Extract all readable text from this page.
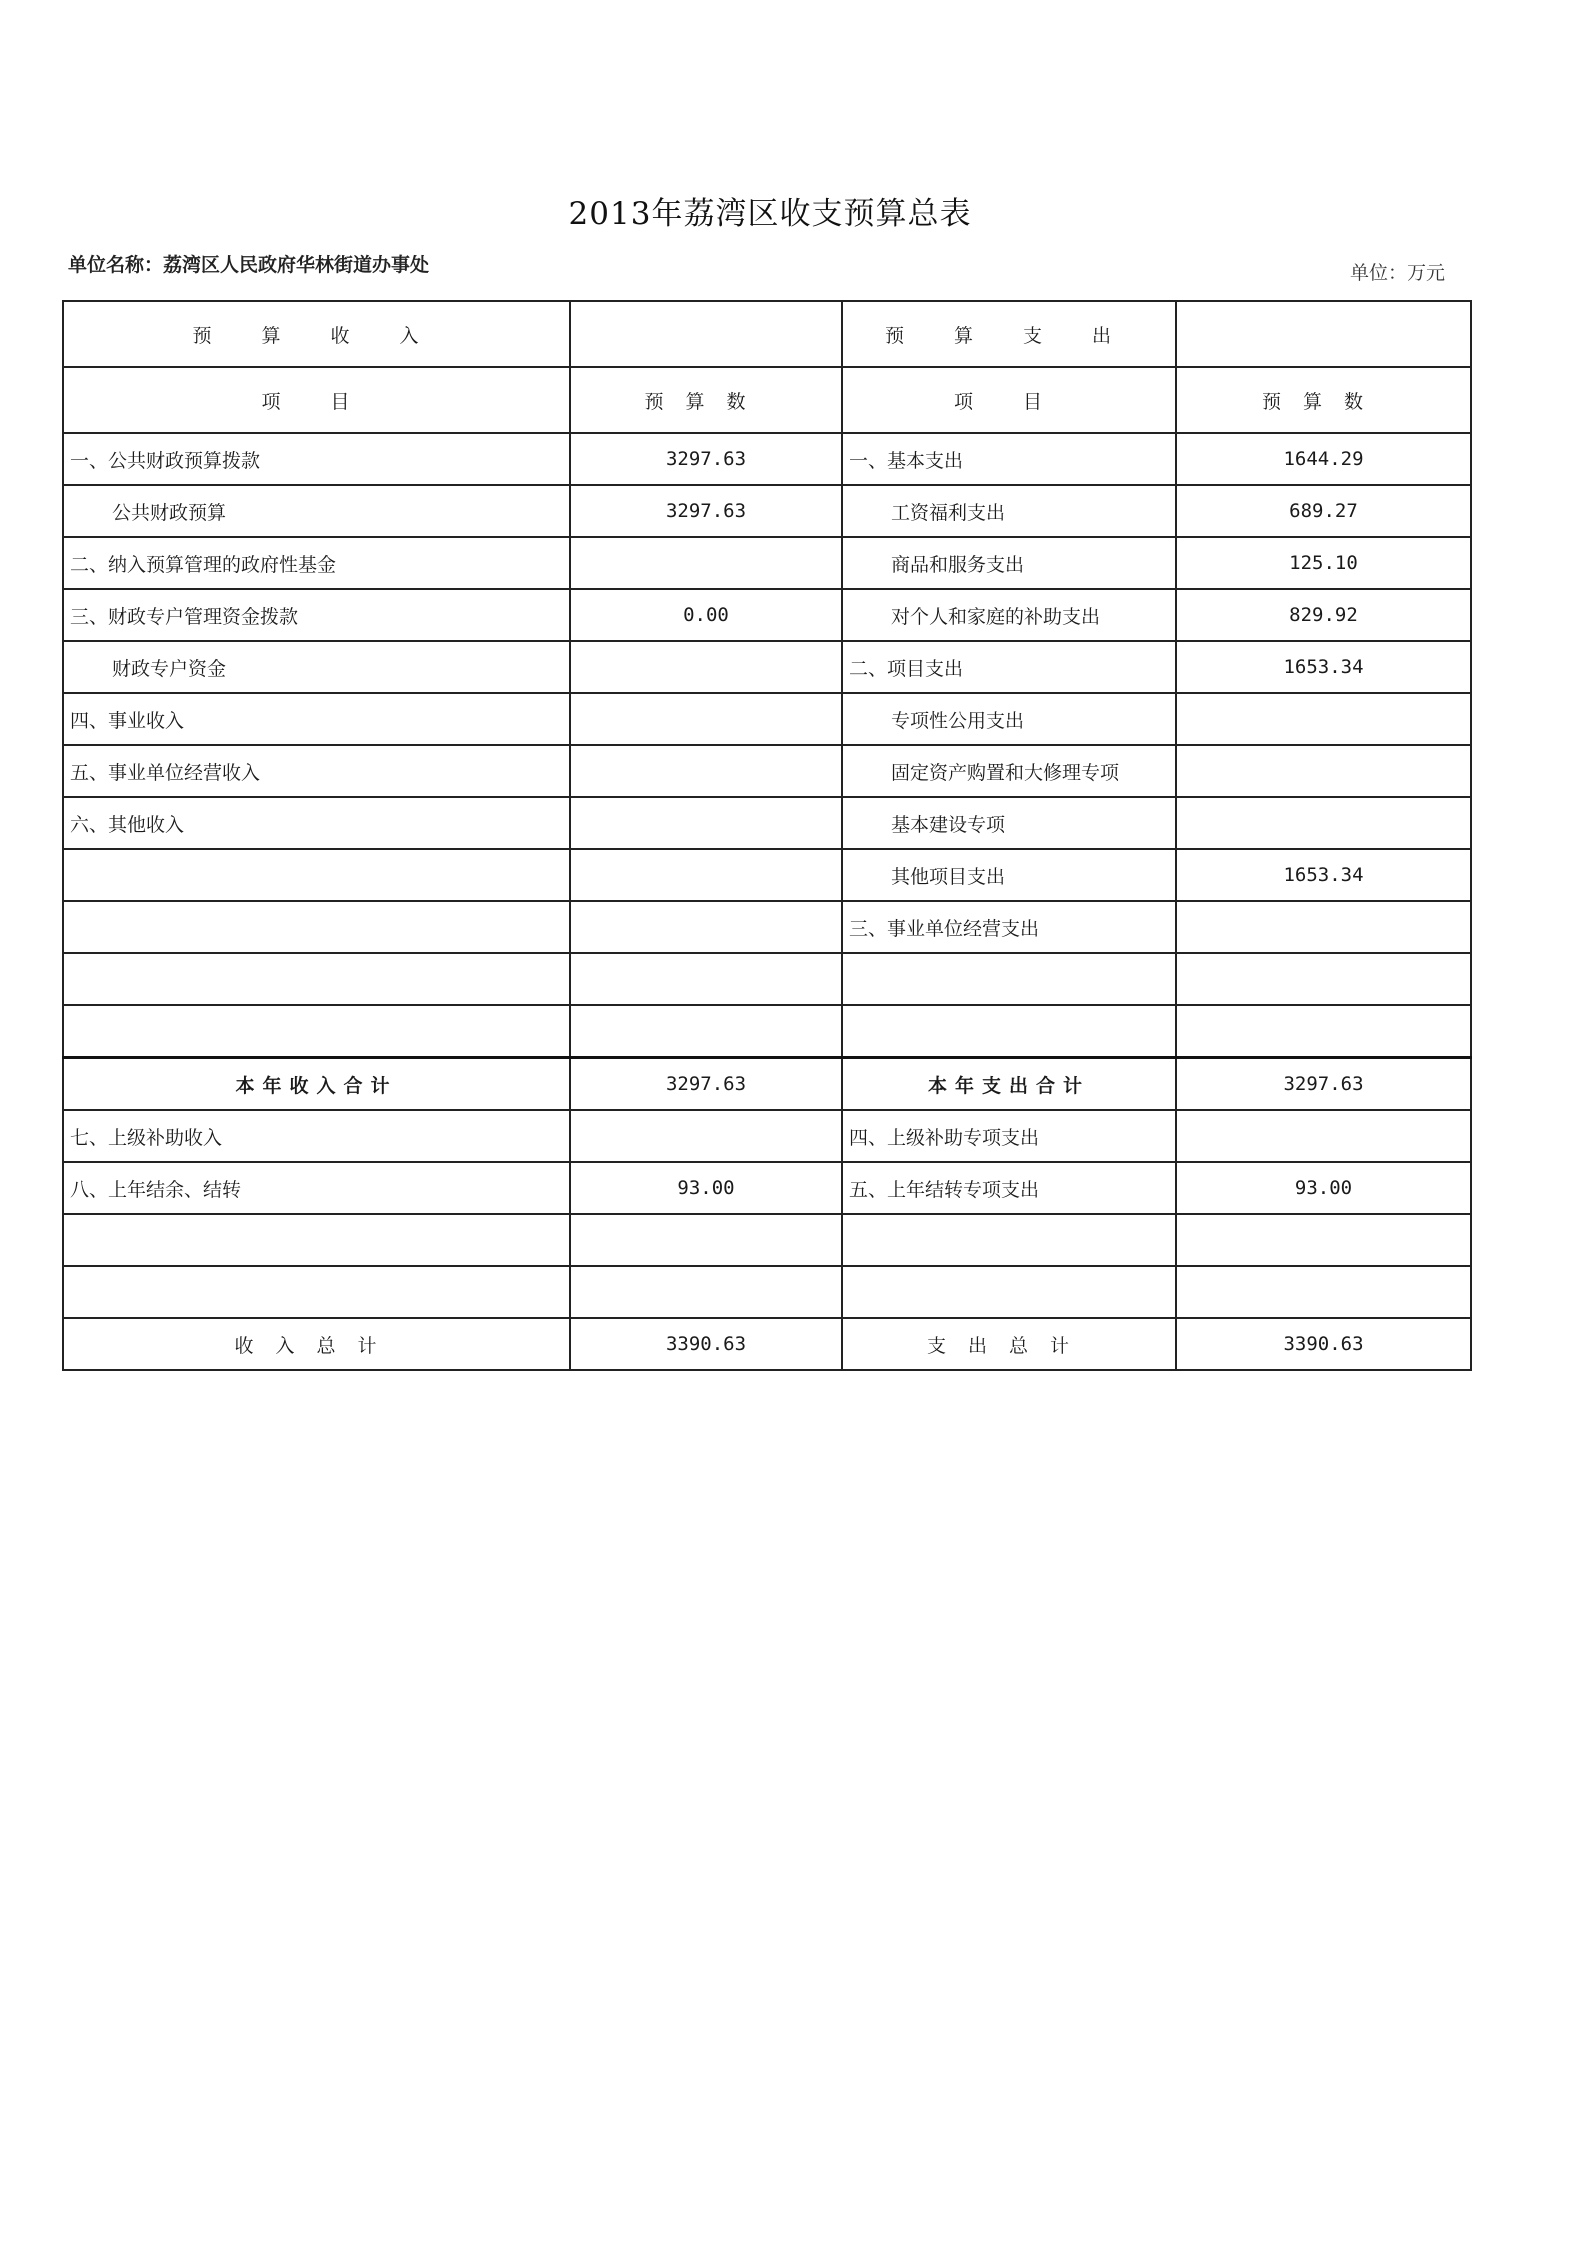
2013年荔湾区收支预算总表
单位名称：荔湾区人民政府华林街道办事处	单位：万元
预 算 收 入		预 算 支 出	
项 目	预算数	项 目	预算数
一、公共财政预算拨款	3297.63	一、基本支出	1644.29
公共财政预算	3297.63	工资福利支出	689.27
二、纳入预算管理的政府性基金		商品和服务支出	125.10
三、财政专户管理资金拨款	0.00	对个人和家庭的补助支出	829.92
财政专户资金		二、项目支出	1653.34
四、事业收入		专项性公用支出	
五、事业单位经营收入		固定资产购置和大修理专项	
六、其他收入		基本建设专项	
		其他项目支出	1653.34
		三、事业单位经营支出	

本年收入合计	3297.63	本年支出合计	3297.63
七、上级补助收入		四、上级补助专项支出	
八、上年结余、结转	93.00	五、上年结转专项支出	93.00

收入总计	3390.63	支出总计	3390.63
